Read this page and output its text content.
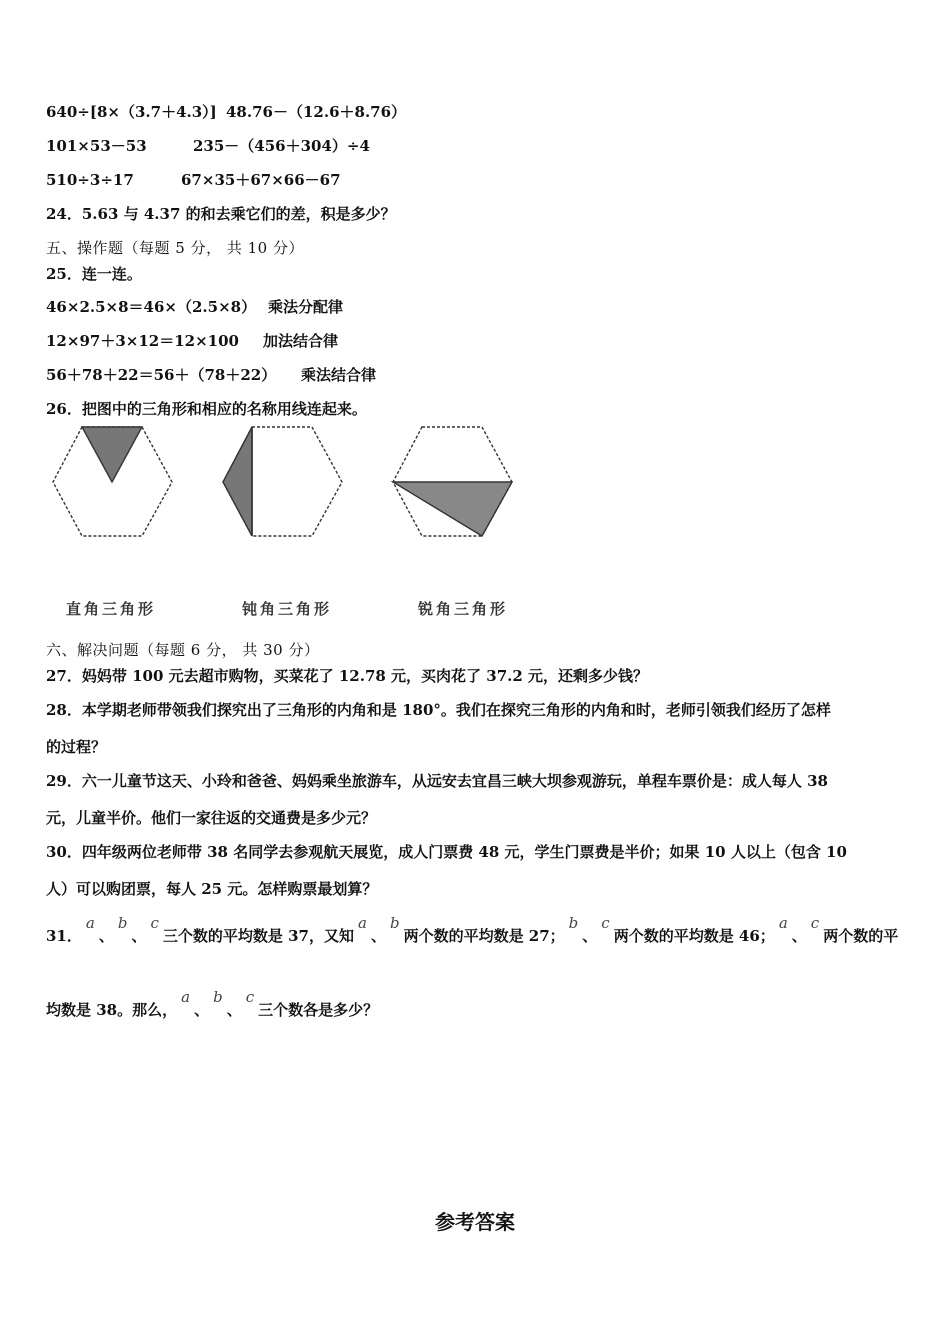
640÷[8×（3.7＋4.3）] 48.76－（12.6＋8.76）
101×53－53	235－（456＋304）÷4
510÷3÷17	67×35＋67×66－67
24．5.63 与 4.37 的和去乘它们的差，积是多少？
五、操作题（每题 5 分， 共 10 分）
25．连一连。
46×2.5×8＝46×（2.5×8） 乘法分配律
12×97＋3×12＝12×100 加法结合律
56＋78＋22＝56＋（78＋22） 乘法结合律
26．把图中的三角形和相应的名称用线连起来。
直角三角形	钝角三角形	锐角三角形
六、解决问题（每题 6 分， 共 30 分）
27．妈妈带 100 元去超市购物，买菜花了 12.78 元，买肉花了 37.2 元，还剩多少钱？
28．本学期老师带领我们探究出了三角形的内角和是 180°。我们在探究三角形的内角和时，老师引领我们经历了怎样
的过程？
29．六一儿童节这天、小玲和爸爸、妈妈乘坐旅游车，从远安去宜昌三峡大坝参观游玩，单程车票价是：成人每人 38
元，儿童半价。他们一家往返的交通费是多少元？
30．四年级两位老师带 38 名同学去参观航天展览，成人门票费 48 元，学生门票费是半价；如果 10 人以上（包含 10
人）可以购团票，每人 25 元。怎样购票最划算？
31．a、b、c三个数的平均数是 37，又知a、b两个数的平均数是 27；b、c两个数的平均数是 46；a、c两个数的平
均数是 38。那么，a、b、c三个数各是多少？
参考答案
